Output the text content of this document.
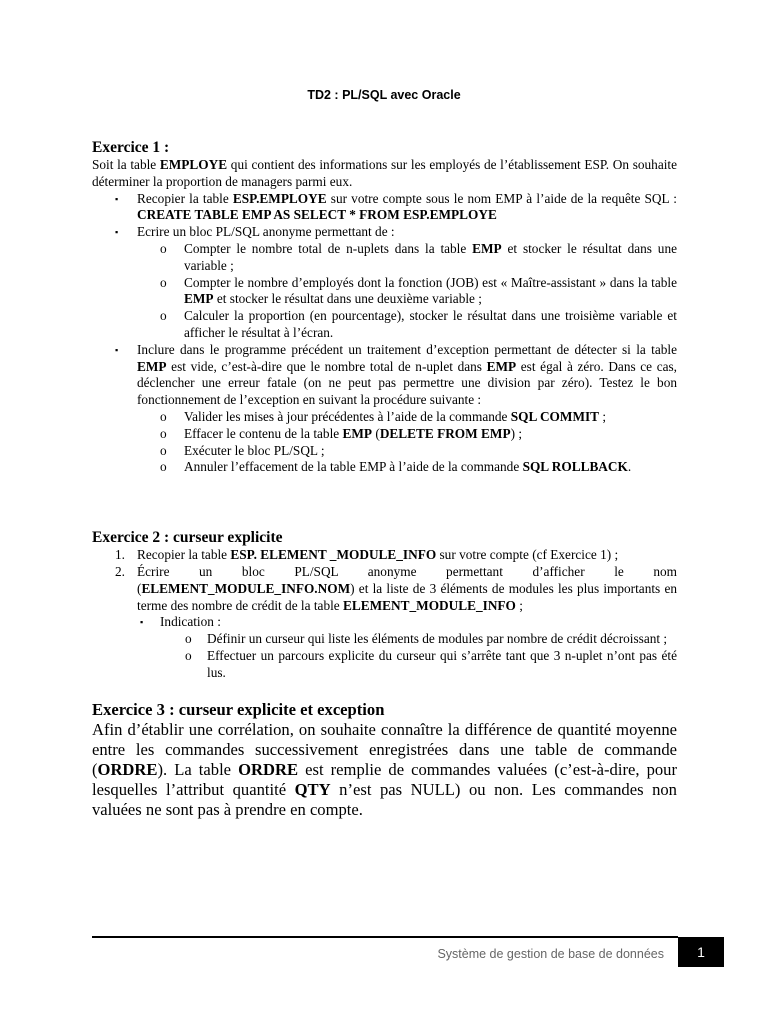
TD2 : PL/SQL avec Oracle

Exercice 1 :

Soit la table EMPLOYE qui contient des informations sur les employés de l’établissement ESP. On souhaite déterminer la proportion de managers parmi eux.

▪ Recopier la table ESP.EMPLOYE sur votre compte sous le nom EMP à l’aide de la requête SQL : CREATE TABLE EMP AS SELECT * FROM ESP.EMPLOYE
▪ Ecrire un bloc PL/SQL anonyme permettant de :
o Compter le nombre total de n-uplets dans la table EMP et stocker le résultat dans une variable ;
o Compter le nombre d’employés dont la fonction (JOB) est « Maître-assistant » dans la table EMP et stocker le résultat dans une deuxième variable ;
o Calculer la proportion (en pourcentage), stocker le résultat dans une troisième variable et afficher le résultat à l’écran.
▪ Inclure dans le programme précédent un traitement d’exception permettant de détecter si la table EMP est vide, c’est-à-dire que le nombre total de n-uplet dans EMP est égal à zéro. Dans ce cas, déclencher une erreur fatale (on ne peut pas permettre une division par zéro). Testez le bon fonctionnement de l’exception en suivant la procédure suivante :
o Valider les mises à jour précédentes à l’aide de la commande SQL COMMIT ;
o Effacer le contenu de la table EMP (DELETE FROM EMP) ;
o Exécuter le bloc PL/SQL ;
o Annuler l’effacement de la table EMP à l’aide de la commande SQL ROLLBACK.

Exercice 2 : curseur explicite

1. Recopier la table ESP. ELEMENT _MODULE_INFO sur votre compte (cf Exercice 1) ;
2. Écrire un bloc PL/SQL anonyme permettant d’afficher le nom (ELEMENT_MODULE_INFO.NOM) et la liste de 3 éléments de modules les plus importants en terme des nombre de crédit de la table ELEMENT_MODULE_INFO ;
▪ Indication :
o Définir un curseur qui liste les éléments de modules par nombre de crédit décroissant ;
o Effectuer un parcours explicite du curseur qui s’arrête tant que 3 n-uplet n’ont pas été lus.

Exercice 3 : curseur explicite et exception

Afin d’établir une corrélation, on souhaite connaître la différence de quantité moyenne entre les commandes successivement enregistrées dans une table de commande (ORDRE). La table ORDRE est remplie de commandes valuées (c’est-à-dire, pour lesquelles l’attribut quantité QTY n’est pas NULL) ou non. Les commandes non valuées ne sont pas à prendre en compte.

Système de gestion de base de données	1
